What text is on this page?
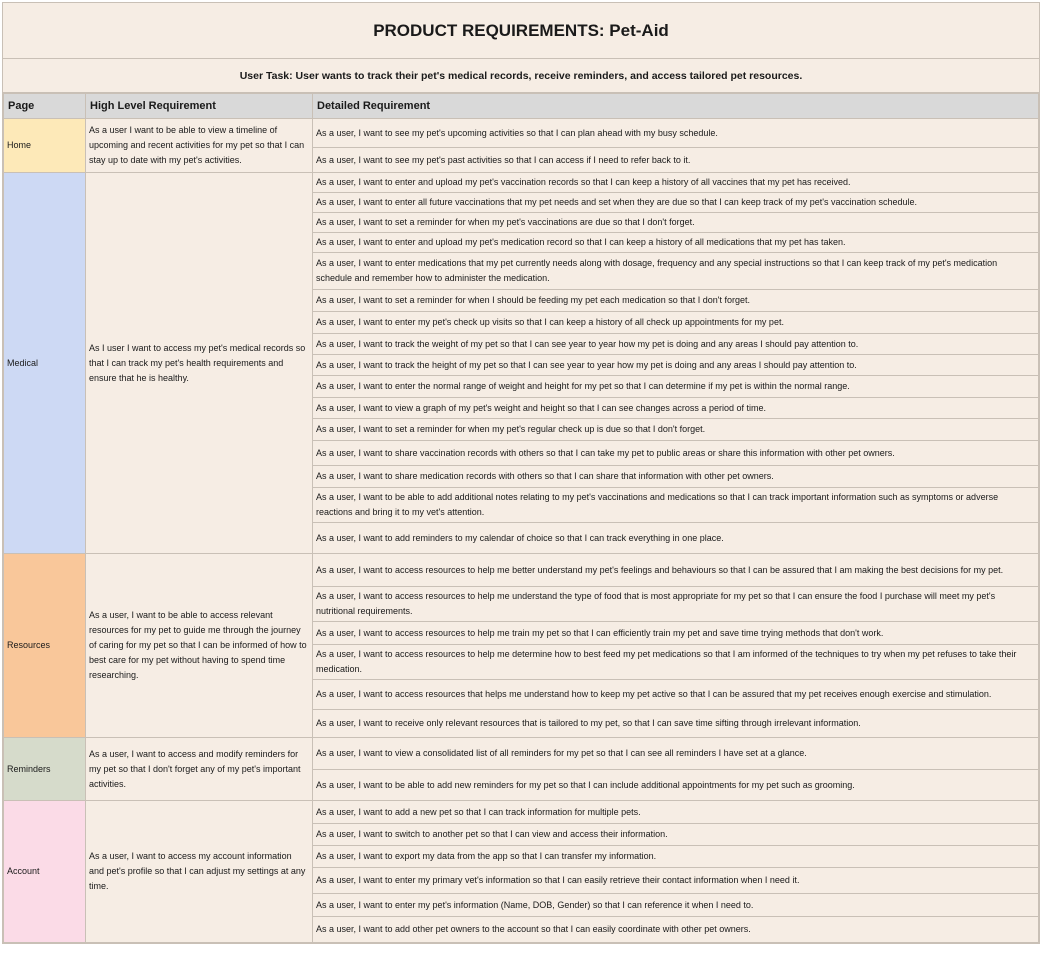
PRODUCT REQUIREMENTS: Pet-Aid
User Task: User wants to track their pet's medical records, receive reminders, and access tailored pet resources.
Page	High Level Requirement	Detailed Requirement
Home	As a user I want to be able to view a timeline of upcoming and recent activities for my pet so that I can stay up to date with my pet's activities.	As a user, I want to see my pet's upcoming activities so that I can plan ahead with my busy schedule.
		As a user, I want to see my pet's past activities so that I can access if I need to refer back to it.
Medical	As I user I want to access my pet's medical records so that I can track my pet's health requirements and ensure that he is healthy.	As a user, I want to enter and upload my pet's vaccination records so that I can keep a history of all vaccines that my pet has received.
		As a user, I want to enter all future vaccinations that my pet needs and set when they are due so that I can keep track of my pet's vaccination schedule.
		As a user, I want to set a reminder for when my pet's vaccinations are due so that I don't forget.
		As a user, I want to enter and upload my pet's medication record so that I can keep a history of all medications that my pet has taken.
		As a user, I want to enter medications that my pet currently needs along with dosage, frequency and any special instructions so that I can keep track of my pet's medication schedule and remember how to administer the medication.
		As a user, I want to set a reminder for when I should be feeding my pet each medication so that I don't forget.
		As a user, I want to enter my pet's check up visits so that I can keep a history of all check up appointments for my pet.
		As a user, I want to track the weight of my pet so that I can see year to year how my pet is doing and any areas I should pay attention to.
		As a user, I want to track the height of my pet so that I can see year to year how my pet is doing and any areas I should pay attention to.
		As a user, I want to enter the normal range of weight and height for my pet so that I can determine if my pet is within the normal range.
		As a user, I want to view a graph of my pet's weight and height so that I can see changes across a period of time.
		As a user, I want to set a reminder for when my pet's regular check up is due so that I don't forget.
		As a user, I want to share vaccination records with others so that I can take my pet to public areas or share this information with other pet owners.
		As a user, I want to share medication records with others so that I can share that information with other pet owners.
		As a user, I want to be able to add additional notes relating to my pet's vaccinations and medications so that I can track important information such as symptoms or adverse reactions and bring it to my vet's attention.
		As a user, I want to add reminders to my calendar of choice so that I can track everything in one place.
Resources	As a user, I want to be able to access relevant resources for my pet to guide me through the journey of caring for my pet so that I can be informed of how to best care for my pet without having to spend time researching.	As a user, I want to access resources to help me better understand my pet's feelings and behaviours so that I can be assured that I am making the best decisions for my pet.
		As a user, I want to access resources to help me understand the type of food that is most appropriate for my pet so that I can ensure the food I purchase will meet my pet's nutritional requirements.
		As a user, I want to access resources to help me train my pet so that I can efficiently train my pet and save time trying methods that don't work.
		As a user, I want to access resources to help me determine how to best feed my pet medications so that I am informed of the techniques to try when my pet refuses to take their medication.
		As a user, I want to access resources that helps me understand how to keep my pet active so that I can be assured that my pet receives enough exercise and stimulation.
		As a user, I want to receive only relevant resources that is tailored to my pet, so that I can save time sifting through irrelevant information.
Reminders	As a user, I want to access and modify reminders for my pet so that I don't forget any of my pet's important activities.	As a user, I want to view a consolidated list of all reminders for my pet so that I can see all reminders I have set at a glance.
		As a user, I want to be able to add new reminders for my pet so that I can include additional appointments for my pet such as grooming.
Account	As a user, I want to access my account information and pet's profile so that I can adjust my settings at any time.	As a user, I want to add a new pet so that I can track information for multiple pets.
		As a user, I want to switch to another pet so that I can view and access their information.
		As a user, I want to export my data from the app so that I can transfer my information.
		As a user, I want to enter my primary vet's information so that I can easily retrieve their contact information when I need it.
		As a user, I want to enter my pet's information (Name, DOB, Gender) so that I can reference it when I need to.
		As a user, I want to add other pet owners to the account so that I can easily coordinate with other pet owners.
